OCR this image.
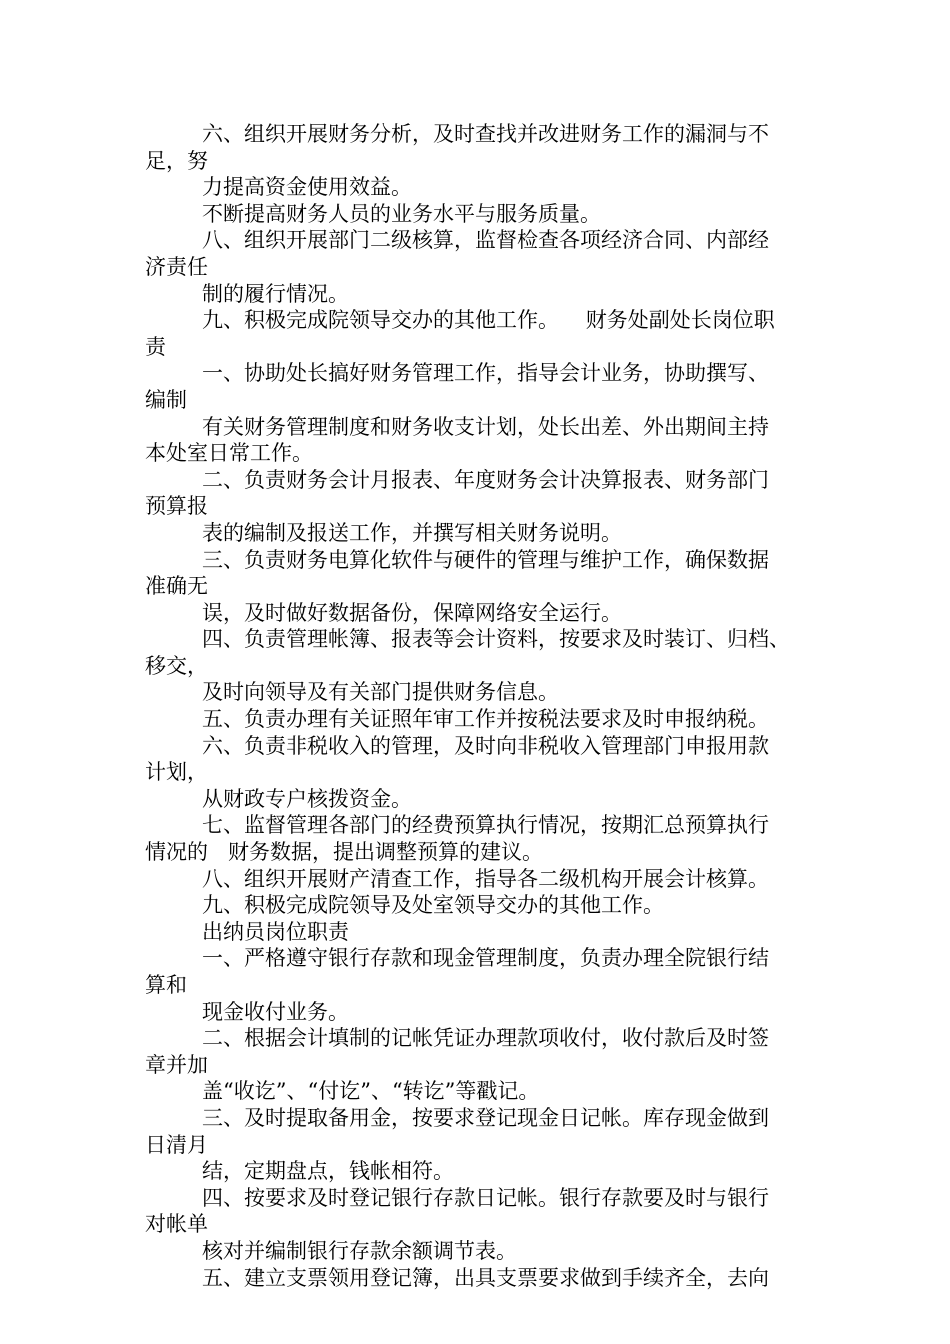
六、组织开展财务分析，及时查找并改进财务工作的漏洞与不
足，努
力提高资金使用效益。
不断提高财务人员的业务水平与服务质量。
八、组织开展部门二级核算，监督检查各项经济合同、内部经
济责任
制的履行情况。
九、积极完成院领导交办的其他工作。    财务处副处长岗位职
责
一、协助处长搞好财务管理工作，指导会计业务，协助撰写、
编制
有关财务管理制度和财务收支计划，处长出差、外出期间主持
本处室日常工作。
二、负责财务会计月报表、年度财务会计决算报表、财务部门
预算报
表的编制及报送工作，并撰写相关财务说明。
三、负责财务电算化软件与硬件的管理与维护工作，确保数据
准确无
误，及时做好数据备份，保障网络安全运行。
四、负责管理帐簿、报表等会计资料，按要求及时装订、归档、
移交，
及时向领导及有关部门提供财务信息。
五、负责办理有关证照年审工作并按税法要求及时申报纳税。
六、负责非税收入的管理，及时向非税收入管理部门申报用款
计划，
从财政专户核拨资金。
七、监督管理各部门的经费预算执行情况，按期汇总预算执行
情况的   财务数据，提出调整预算的建议。
八、组织开展财产清查工作，指导各二级机构开展会计核算。
九、积极完成院领导及处室领导交办的其他工作。
出纳员岗位职责
一、严格遵守银行存款和现金管理制度，负责办理全院银行结
算和
现金收付业务。
二、根据会计填制的记帐凭证办理款项收付，收付款后及时签
章并加
盖“收讫”、“付讫”、“转讫”等戳记。
三、及时提取备用金，按要求登记现金日记帐。库存现金做到
日清月
结，定期盘点，钱帐相符。
四、按要求及时登记银行存款日记帐。银行存款要及时与银行
对帐单
核对并编制银行存款余额调节表。
五、建立支票领用登记簿，出具支票要求做到手续齐全，去向
